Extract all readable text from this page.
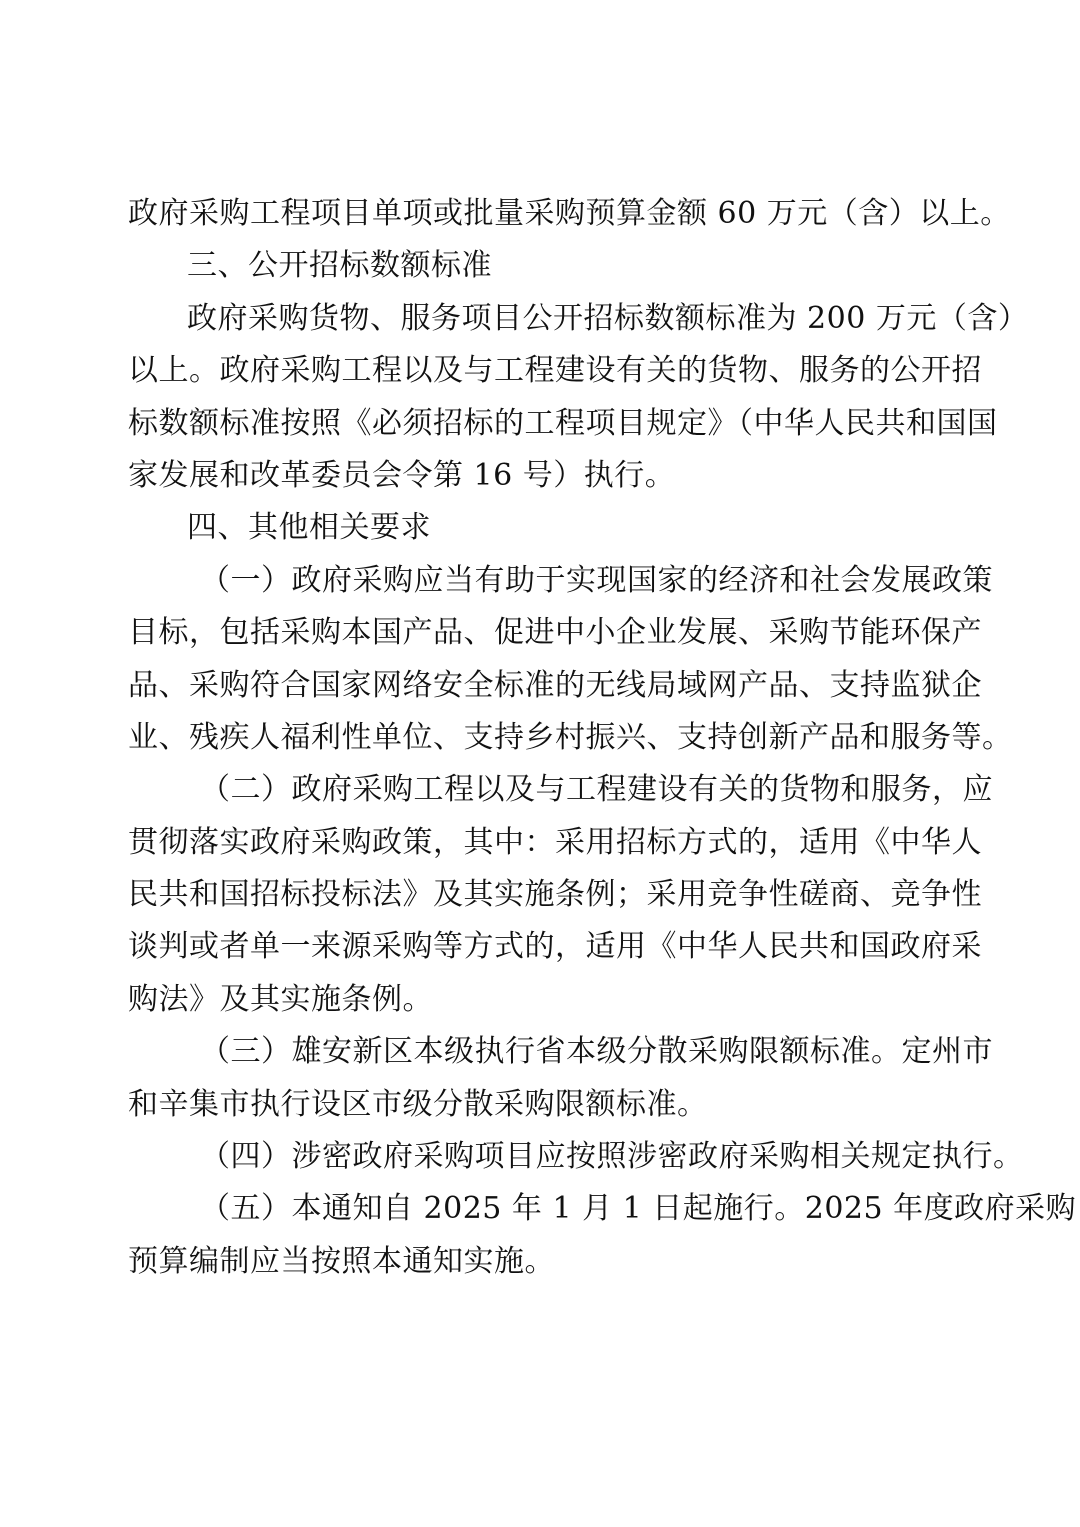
政府采购工程项目单项或批量采购预算金额 60 万元（含）以上。
三、公开招标数额标准
政府采购货物、服务项目公开招标数额标准为 200 万元（含）
以上。政府采购工程以及与工程建设有关的货物、服务的公开招
标数额标准按照《必须招标的工程项目规定》（中华人民共和国国
家发展和改革委员会令第 16 号）执行。
四、其他相关要求
（一）政府采购应当有助于实现国家的经济和社会发展政策
目标，包括采购本国产品、促进中小企业发展、采购节能环保产
品、采购符合国家网络安全标准的无线局域网产品、支持监狱企
业、残疾人福利性单位、支持乡村振兴、支持创新产品和服务等。
（二）政府采购工程以及与工程建设有关的货物和服务，应
贯彻落实政府采购政策，其中：采用招标方式的，适用《中华人
民共和国招标投标法》及其实施条例；采用竞争性磋商、竞争性
谈判或者单一来源采购等方式的，适用《中华人民共和国政府采
购法》及其实施条例。
（三）雄安新区本级执行省本级分散采购限额标准。定州市
和辛集市执行设区市级分散采购限额标准。
（四）涉密政府采购项目应按照涉密政府采购相关规定执行。
（五）本通知自 2025 年 1 月 1 日起施行。2025 年度政府采购
预算编制应当按照本通知实施。
